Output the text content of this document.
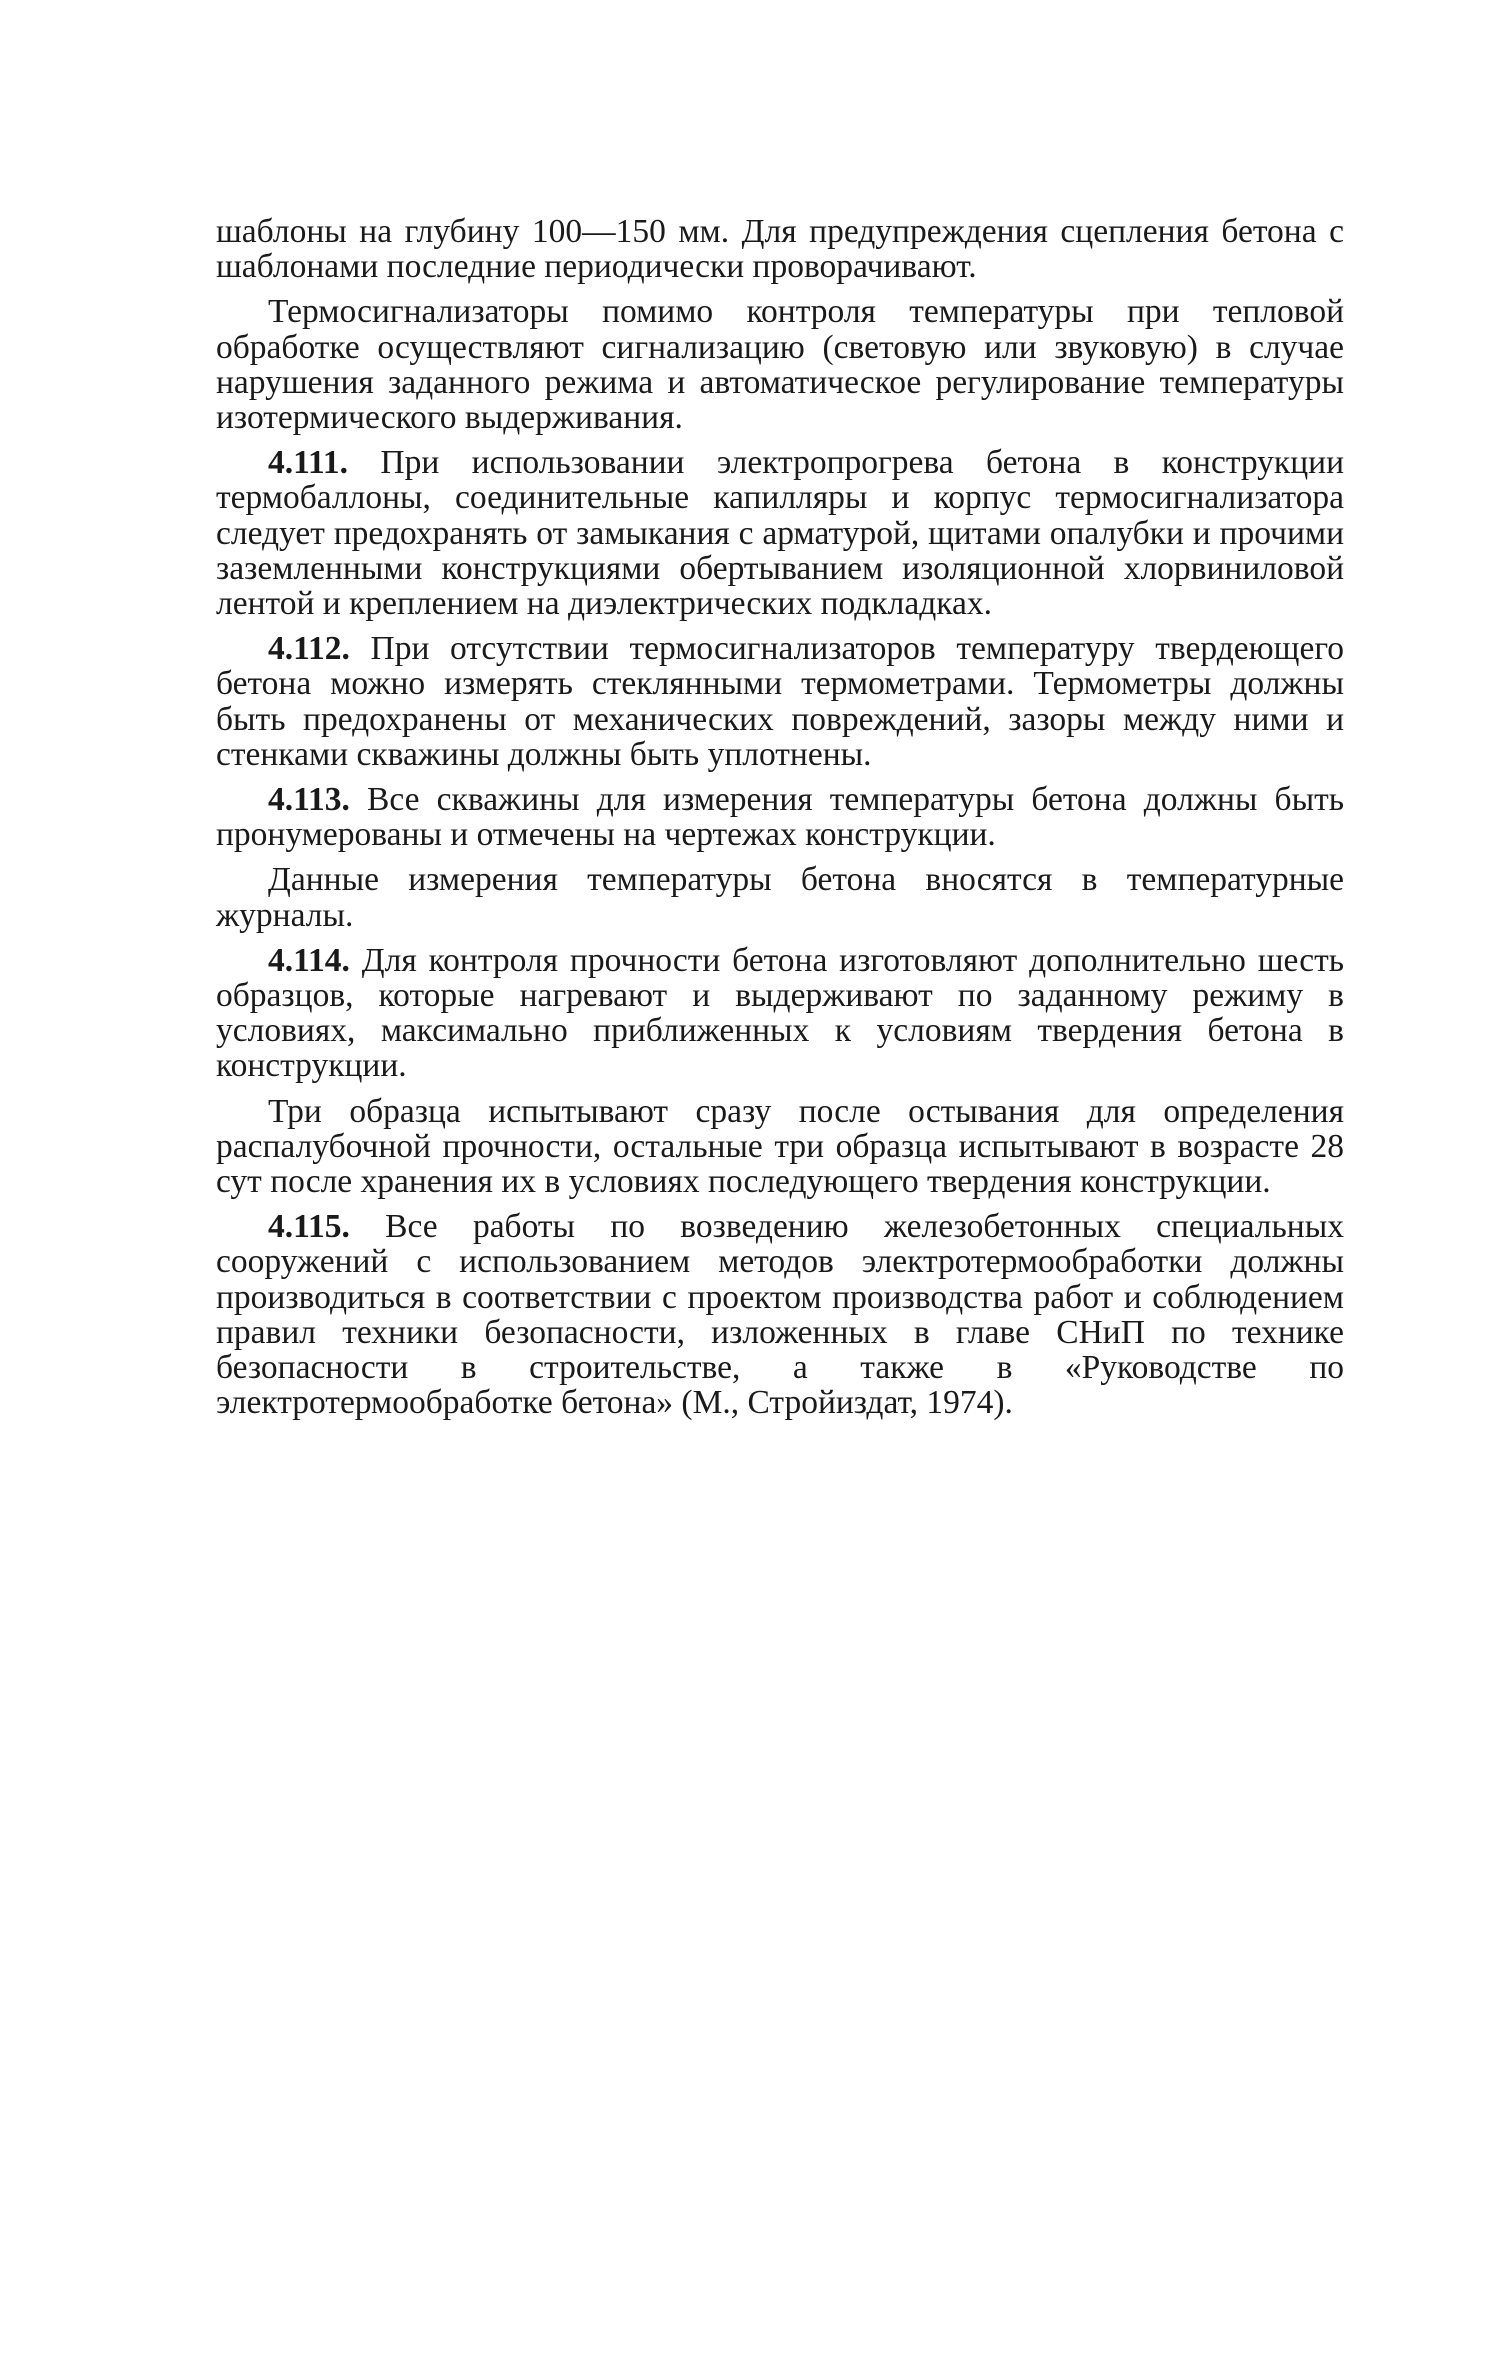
шаблоны на глубину 100—150 мм. Для предупреждения сцепления бетона с шаблонами последние периодически проворачивают.

Термосигнализаторы помимо контроля температуры при тепловой обработке осуществляют сигнализацию (световую или звуковую) в случае нарушения заданного режима и автоматическое регулирование температуры изотермического выдерживания.

4.111. При использовании электропрогрева бетона в конструкции термобаллоны, соединительные капилляры и корпус термосигнализатора следует предохранять от замыкания с арматурой, щитами опалубки и прочими заземленными конструкциями обертыванием изоляционной хлорвиниловой лентой и креплением на диэлектрических подкладках.

4.112. При отсутствии термосигнализаторов температуру твердеющего бетона можно измерять стеклянными термометрами. Термометры должны быть предохранены от механических повреждений, зазоры между ними и стенками скважины должны быть уплотнены.

4.113. Все скважины для измерения температуры бетона должны быть пронумерованы и отмечены на чертежах конструкции.

Данные измерения температуры бетона вносятся в температурные журналы.

4.114. Для контроля прочности бетона изготовляют дополнительно шесть образцов, которые нагревают и выдерживают по заданному режиму в условиях, максимально приближенных к условиям твердения бетона в конструкции.

Три образца испытывают сразу после остывания для определения распалубочной прочности, остальные три образца испытывают в возрасте 28 сут после хранения их в условиях последующего твердения конструкции.

4.115. Все работы по возведению железобетонных специальных сооружений с использованием методов электротермообработки должны производиться в соответствии с проектом производства работ и соблюдением правил техники безопасности, изложенных в главе СНиП по технике безопасности в строительстве, а также в «Руководстве по электротермообработке бетона» (М., Стройиздат, 1974).
